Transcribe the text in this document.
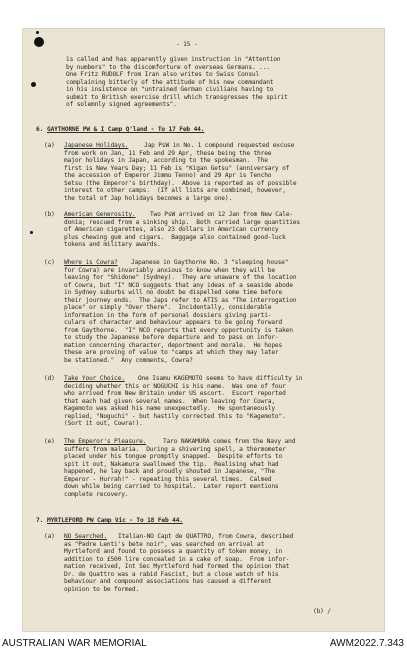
- 15 -
is called and has apparently given instruction in "Attention
by numbers" to the discomforture of overseas Germans. ...
One Fritz RUDOLF from Iran also writes to Swiss Consul
complaining bitterly of the attitude of his new commandant
in his insistence on "untrained German civilians having to
submit to British exercise drill which transgresses the spirit
of solemnly signed agreements".
6. GAYTHORNE PW & I Camp Q'land - To 17 Feb 44.
(a) Japanese Holidays.	Jap PsW in No. 1 compound requested excuse
from work on Jan, 11 Feb and 29 Apr, these being the three
major holidays in Japan, according to the spokesman.  The
first is New Years Day; 11 Feb is "Kigan Getsu" (anniversary of
the accession of Emperor Jimmu Tenno) and 29 Apr is Tencho
Setsu (the Emperor's birthday).  Above is reported as of possible
interest to other camps.  (If all lists are combined, however,
the total of Jap holidays becomes a large one).
(b) American Generosity. Two PsW arrived on 12 Jan from New Cale-
donia; rescued from a sinking ship.  Both carried large quantities
of American cigarettes, also 23 dollars in American currency
plus chewing gum and cigars.  Baggage also contained good-luck
tokens and military awards.
(c) Where is Cowra? Japanese in Gaythorne No. 3 "sleeping house"
for Cowra) are invariably anxious to know when they will be
leaving for "Shidone" (Sydney).  They are unaware of the location
of Cowra, but "I" NCO suggests that any ideas of a seaside abode
in Sydney suburbs will no doubt be dispelled some time before
their journey ends.  The Japs refer to ATIS as "The interrogation
place" or simply "Over there".  Incidentally, considerable
information in the form of personal dossiers giving parti-
culars of character and behaviour appears to be going forward
from Gaythorne.  "I" NCO reports that every opportunity is taken
to study the Japanese before departure and to pass on infor-
mation concerning character, deportment and morale.  He hopes
these are proving of value to "camps at which they may later
be stationed."  Any comments, Cowra?
(d) Take Your Choice. One Isamu KAGEMOTO seems to have difficulty in
deciding whether this or NOGUCHI is his name.  Was one of four
who arrived from New Britain under US escort.  Escort reported
that each had given several names.  When leaving for Cowra,
Kagemoto was asked his name unexpectedly.  He spontaneously
replied, "Noguchi" - but hastily corrected this to "Kagemoto".
(Sort it out, Cowra!).
(e) The Emperor's Pleasure.	Taro NAKAMURA comes from the Navy and
suffers from malaria.  During a shivering spell, a thermometer
placed under his tongue promptly snapped.  Despite efforts to
spit it out, Nakamura swallowed the tip.  Realising what had
happened, he lay back and proudly shouted in Japanese, "The
Emperor - Hurrah!" - repeating this several times.  Calmed
down while being carried to hospital.  Later report mentions
complete recovery.
7. MYRTLEFORD PW Camp Vic - To 18 Feb 44.
(a) NO Searched. Italian-NO Capt de QUATTRO, from Cowra, described
as "Padre Lenti's bete noir", was searched on arrival at
Myrtleford and found to possess a quantity of token money, in
addition to £500 lire concealed in a cake of soap.  From infor-
mation received, Int Sec Myrtleford had formed the opinion that
Dr. de Quattro was a rabid Fascist, but a close watch of his
behaviour and compound associations has caused a different
opinion to be formed.
(b) /
AUSTRALIAN WAR MEMORIAL	AWM2022.7.343
